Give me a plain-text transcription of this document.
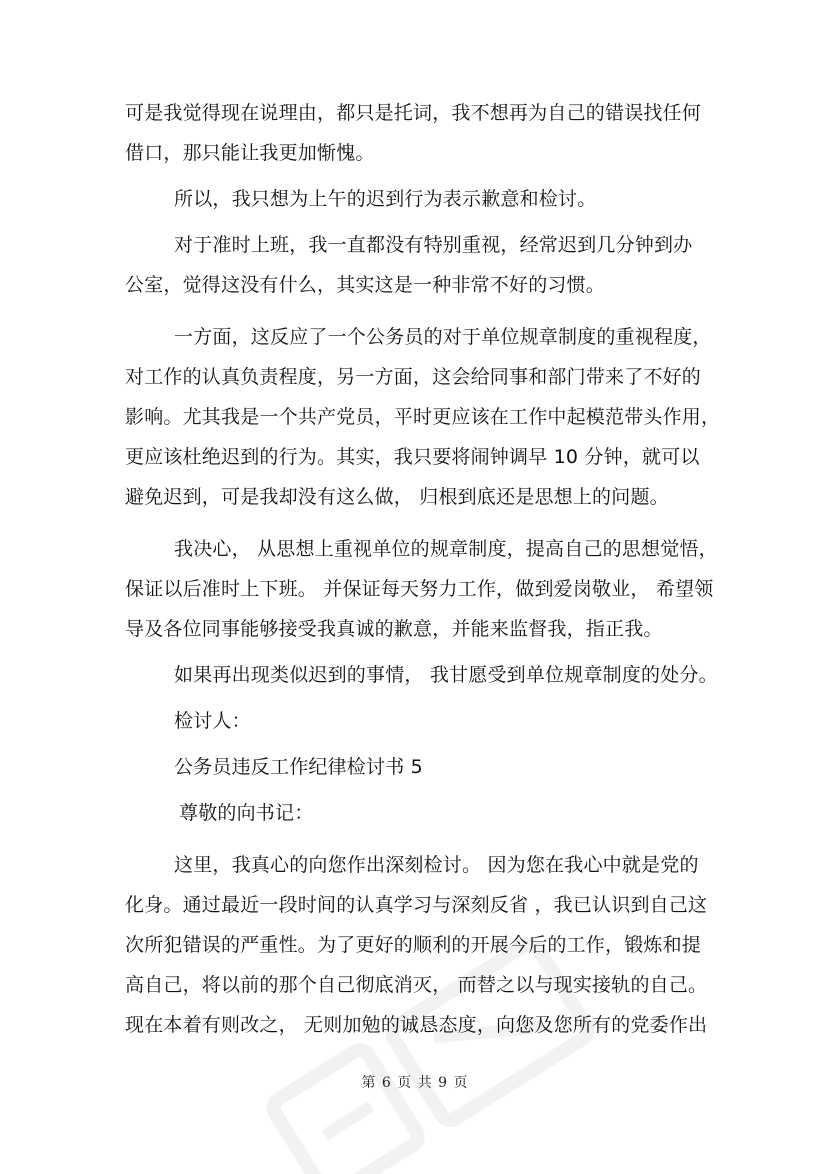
可是我觉得现在说理由，都只是托词，我不想再为自己的错误找任何
借口，那只能让我更加惭愧。

所以，我只想为上午的迟到行为表示歉意和检讨。

对于准时上班，我一直都没有特别重视，经常迟到几分钟到办
公室，觉得这没有什么，其实这是一种非常不好的习惯。

一方面，这反应了一个公务员的对于单位规章制度的重视程度，
对工作的认真负责程度，另一方面，这会给同事和部门带来了不好的
影响。尤其我是一个共产党员，平时更应该在工作中起模范带头作用，
更应该杜绝迟到的行为。其实，我只要将闹钟调早 10 分钟，就可以
避免迟到，可是我却没有这么做， 归根到底还是思想上的问题。

我决心， 从思想上重视单位的规章制度，提高自己的思想觉悟，
保证以后准时上下班。 并保证每天努力工作，做到爱岗敬业， 希望领
导及各位同事能够接受我真诚的歉意，并能来监督我，指正我。

如果再出现类似迟到的事情， 我甘愿受到单位规章制度的处分。

检讨人：

公务员违反工作纪律检讨书 5

尊敬的向书记：

这里，我真心的向您作出深刻检讨。 因为您在我心中就是党的
化身。通过最近一段时间的认真学习与深刻反省 ，我已认识到自己这
次所犯错误的严重性。为了更好的顺利的开展今后的工作，锻炼和提
高自己，将以前的那个自己彻底消灭， 而替之以与现实接轨的自己。
现在本着有则改之， 无则加勉的诚恳态度，向您及您所有的党委作出

第 6 页 共 9 页
